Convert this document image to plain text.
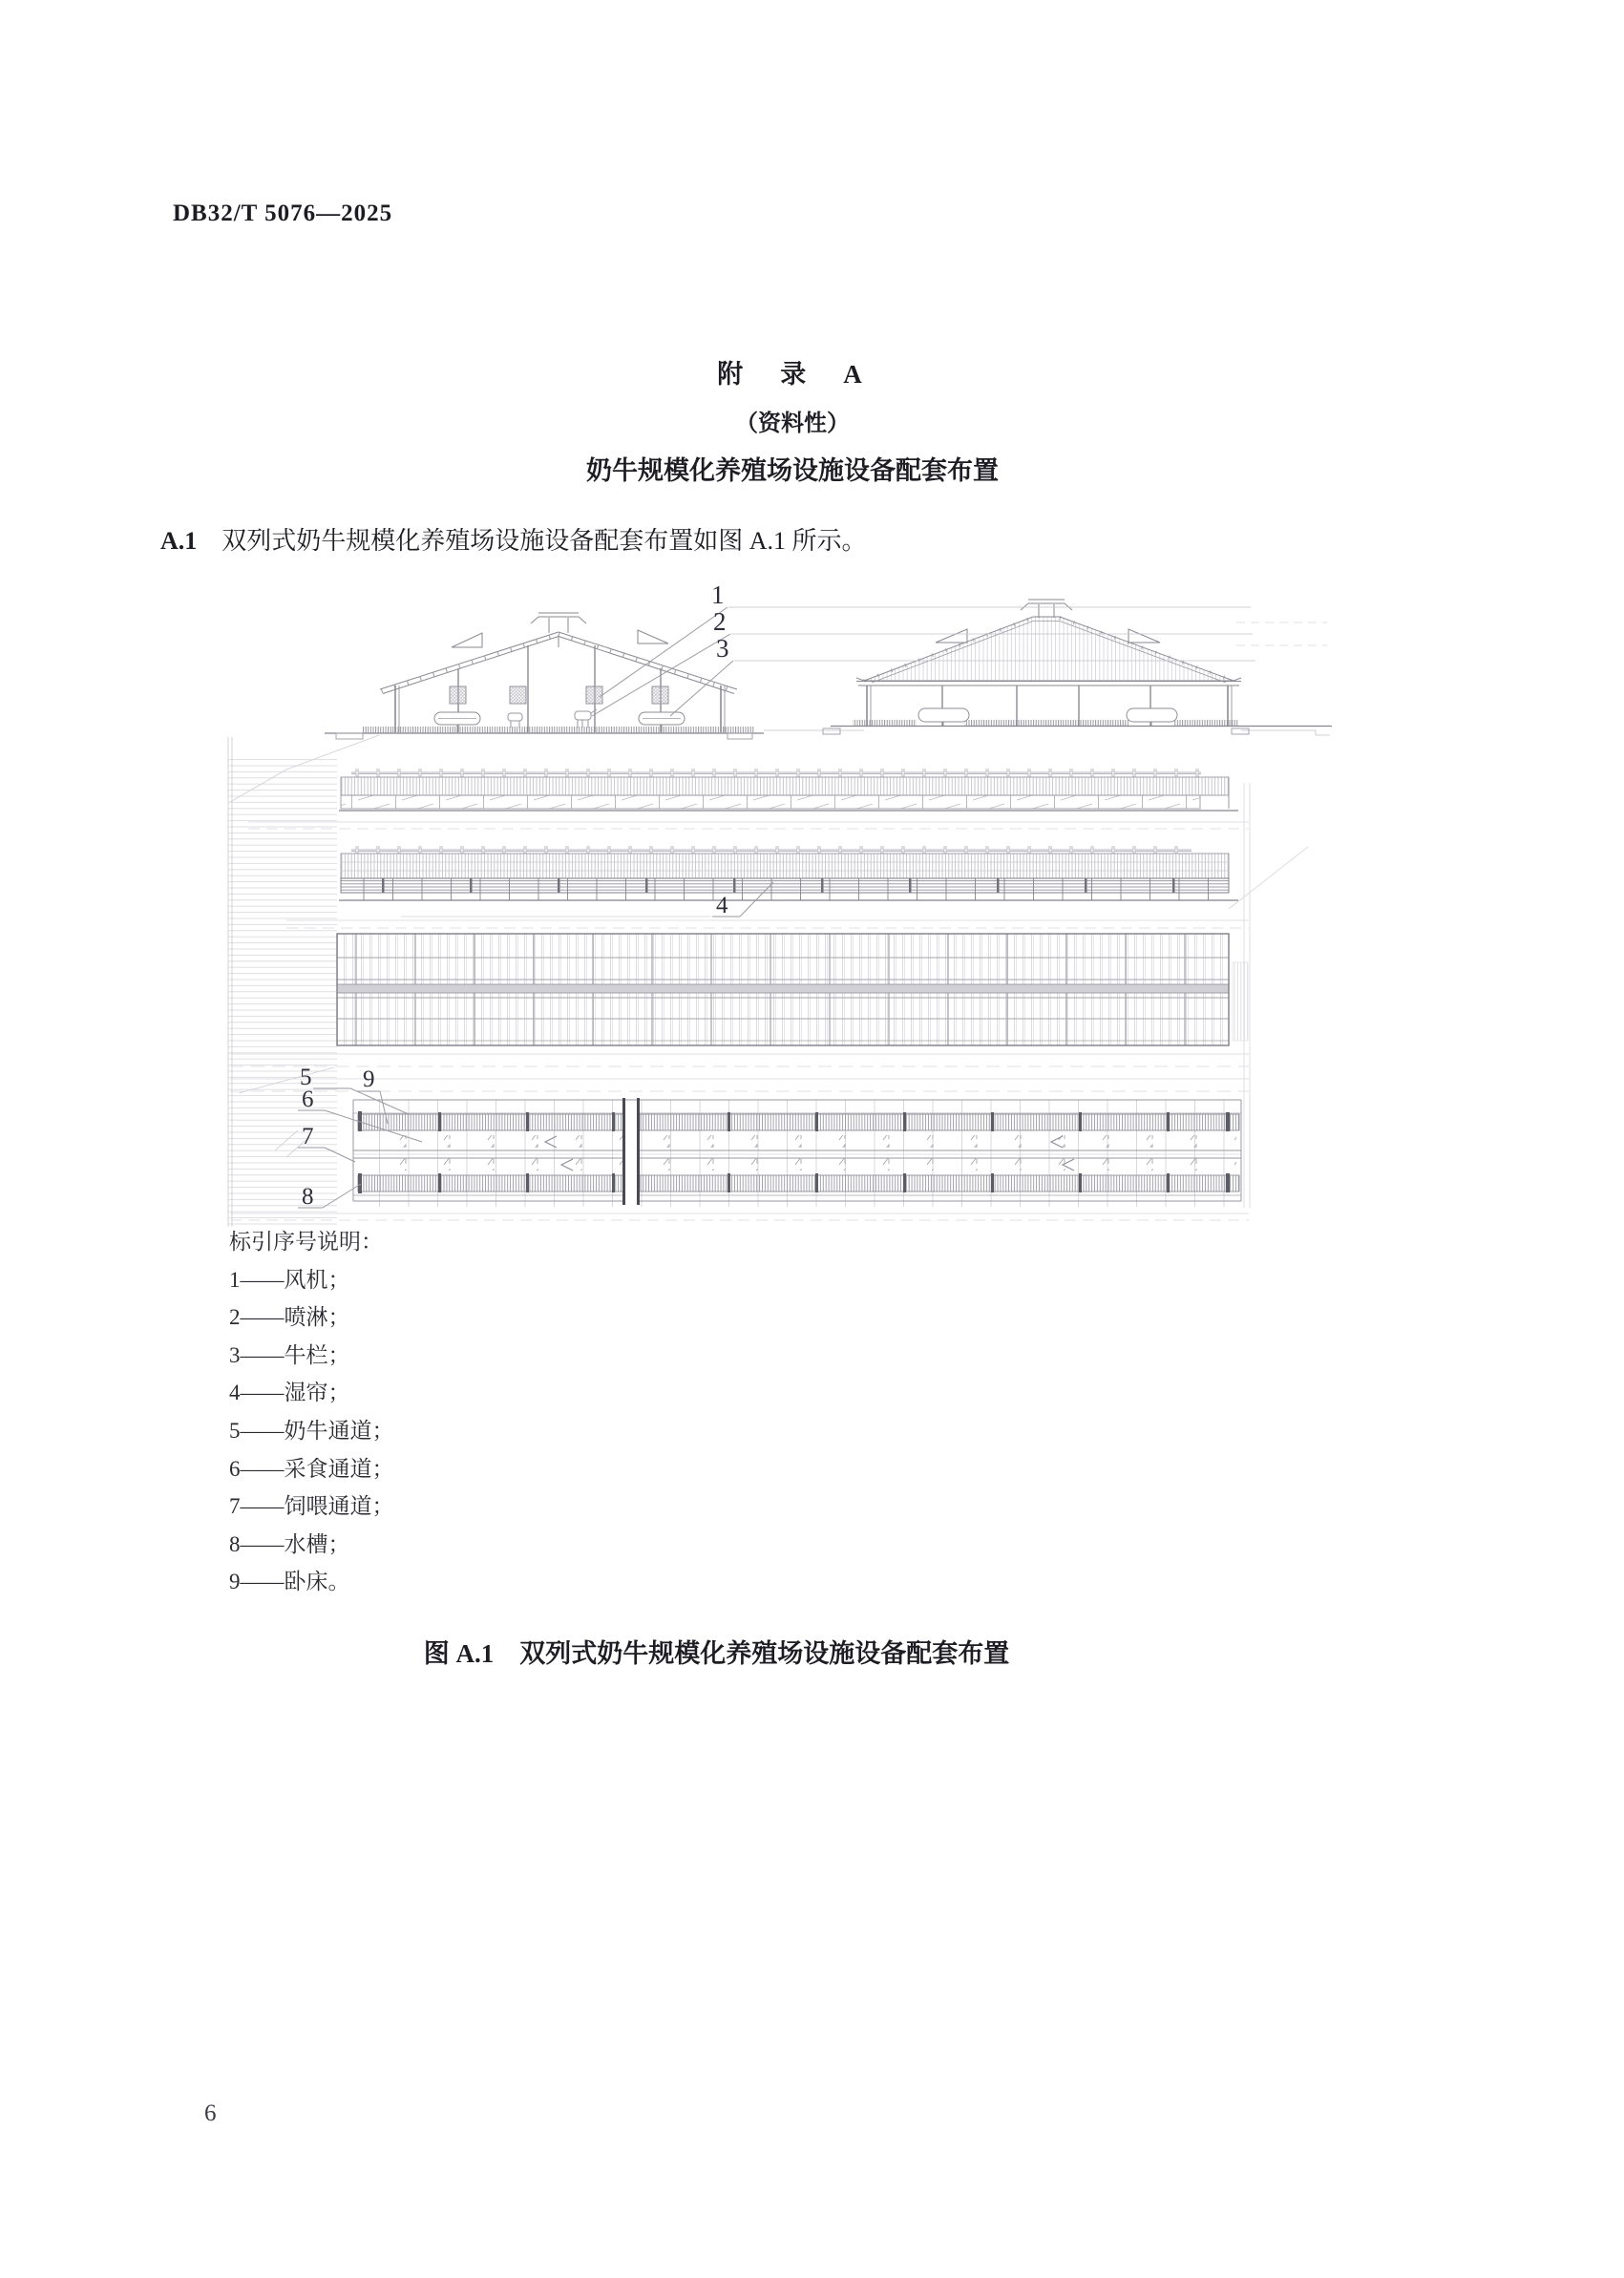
DB32/T 5076—2025
附　录　A
（资料性）
奶牛规模化养殖场设施设备配套布置
A.1 双列式奶牛规模化养殖场设施设备配套布置如图 A.1 所示。
1
2
3
4
5 9
6
7
8
标引序号说明：
1——风机；
2——喷淋；
3——牛栏；
4——湿帘；
5——奶牛通道；
6——采食通道；
7——饲喂通道；
8——水槽；
9——卧床。
图 A.1　双列式奶牛规模化养殖场设施设备配套布置
6
